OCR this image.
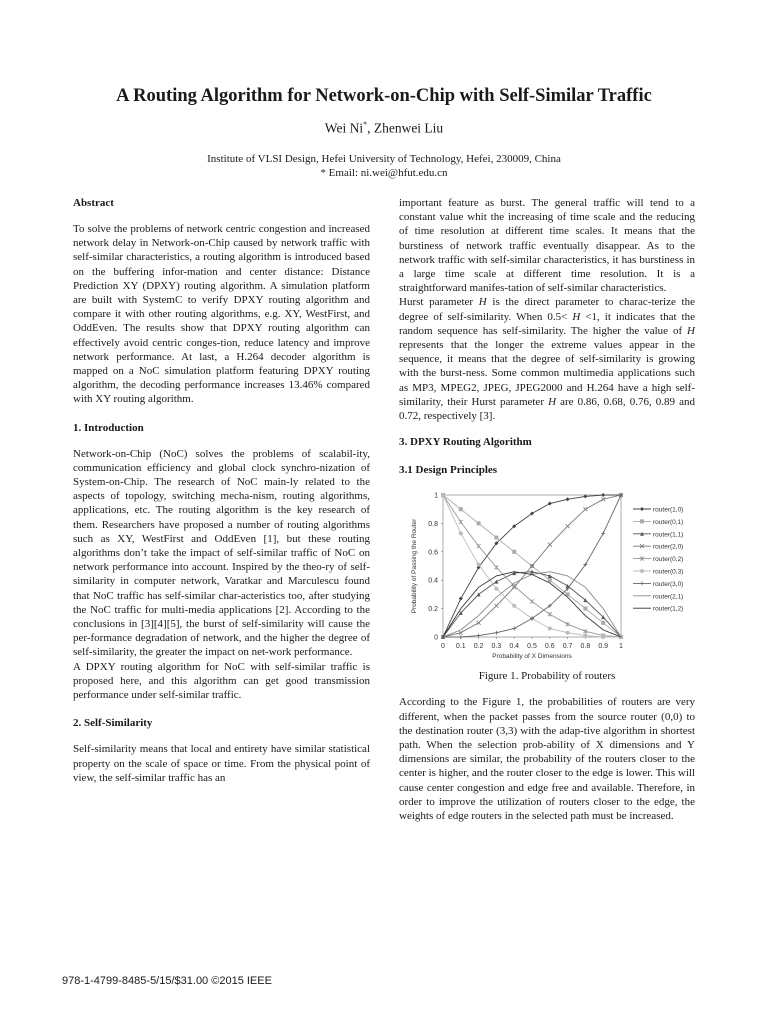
A Routing Algorithm for Network-on-Chip with Self-Similar Traffic
Wei Ni*, Zhenwei Liu
Institute of VLSI Design, Hefei University of Technology, Hefei, 230009, China
* Email: ni.wei@hfut.edu.cn
Abstract

To solve the problems of network centric congestion and increased network delay in Network-on-Chip caused by network traffic with self-similar characteristics, a routing algorithm is introduced based on the buffering infor-mation and center distance: Distance Prediction XY (DPXY) routing algorithm. A simulation platform are built with SystemC to verify DPXY routing algorithm and compare it with other routing algorithms, e.g. XY, WestFirst, and OddEven. The results show that DPXY routing algorithm can effectively avoid centric conges-tion, reduce latency and improve network performance. At last, a H.264 decoder algorithm is mapped on a NoC simulation platform featuring DPXY routing algorithm, the decoding performance increases 13.46% compared with XY routing algorithm.

1. Introduction

Network-on-Chip (NoC) solves the problems of scalabil-ity, communication efficiency and global clock synchro-nization of System-on-Chip. The research of NoC main-ly related to the aspects of topology, switching mecha-nism, routing algorithms, applications, etc. The routing algorithm is the key research of them. Researchers have proposed a number of routing algorithms such as XY, WestFirst and OddEven [1], but these routing algorithms don’t take the impact of self-similar traffic of NoC on network performance into account. Inspired by the theo-ry of self-similarity in computer network, Varatkar and Marculescu found that NoC traffic has self-similar char-acteristics too, after studying the NoC traffic for multi-media applications [2]. According to the conclusions in [3][4][5], the burst of self-similarity will cause the per-formance degradation of network, and the higher the degree of self-similarity, the greater the impact on net-work performance.

A DPXY routing algorithm for NoC with self-similar traffic is proposed here, and this algorithm can get good transmission performance under self-similar traffic.

2. Self-Similarity

Self-similarity means that local and entirety have similar statistical property on the scale of space or time. From the physical point of view, the self-similar traffic has an

important feature as burst. The general traffic will tend to a constant value whit the increasing of time scale and the reducing of time resolution at different time scales. It means that the burstiness of network traffic eventually disappear. As to the network traffic with self-similar characteristics, it has burstiness in a large time scale at different time resolution. It is a straightforward manifes-tation of self-similar characteristics.

Hurst parameter H is the direct parameter to charac-terize the degree of self-similarity. When 0.5< H <1, it indicates that the random sequence has self-similarity. The higher the value of H represents that the longer the extreme values appear in the sequence, it means that the degree of self-similarity is growing with the burst-ness. Some common multimedia applications such as MP3, MPEG2, JPEG, JPEG2000 and H.264 have a high self-similarity, their Hurst parameter H are 0.86, 0.68, 0.76, 0.89 and 0.72, respectively [3].

3. DPXY Routing Algorithm
3.1 Design Principles
0
0.2
0.4
0.6
0.8
1
0 0.1 0.2 0.3 0.4 0.5 0.6 0.7 0.8 0.9 1
Probability of X Dimensions
Probability of Passing the Router
router(1,0)
router(0,1)
router(1,1)
router(2,0)
router(0,2)
router(0,3)
router(3,0)
router(2,1)
router(1,2)
Figure 1. Probability of routers

According to the Figure 1, the probabilities of routers are very different, when the packet passes from the source router (0,0) to the destination router (3,3) with the adap-tive algorithm in shortest path. When the selection prob-ability of X dimensions and Y dimensions are similar, the probability of the routers closer to the center is higher, and the router closer to the edge is lower. This will cause center congestion and edge free and available. Therefore, in order to improve the utilization of routers closer to the edge, the weights of edge routers in the selected path must be increased.

978-1-4799-8485-5/15/$31.00 ©2015 IEEE
